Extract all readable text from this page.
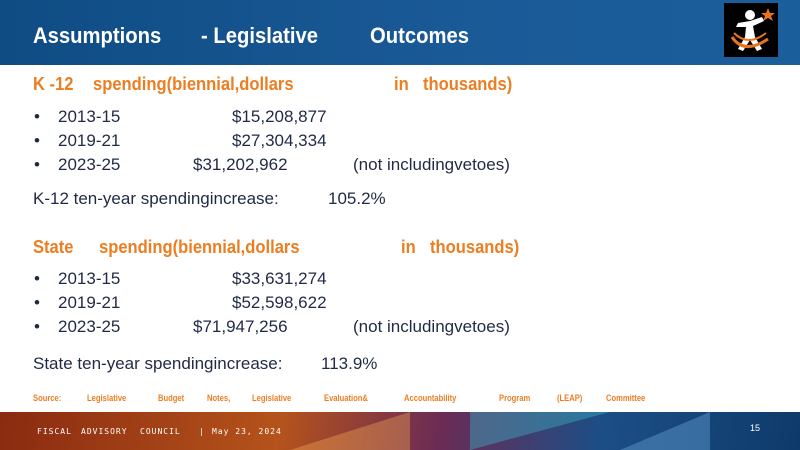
Assumptions - Legislative Outcomes
K -12 spending(biennial,dollars	in thousands)
• 2013-15	$15,208,877
• 2019-21	$27,304,334
• 2023-25	$31,202,962	(not includingvetoes)
K-12 ten-year spendingincrease:	105.2%
State spending(biennial,dollars	in thousands)
• 2013-15	$33,631,274
• 2019-21	$52,598,622
• 2023-25	$71,947,256	(not includingvetoes)
State ten-year spendingincrease: 113.9%
Source:	Legislative	Budget Notes, Legislative	Evaluation&	Accountability	Program	(LEAP) Committee
FISCAL ADVISORY COUNCIL | May 23, 2024	15
